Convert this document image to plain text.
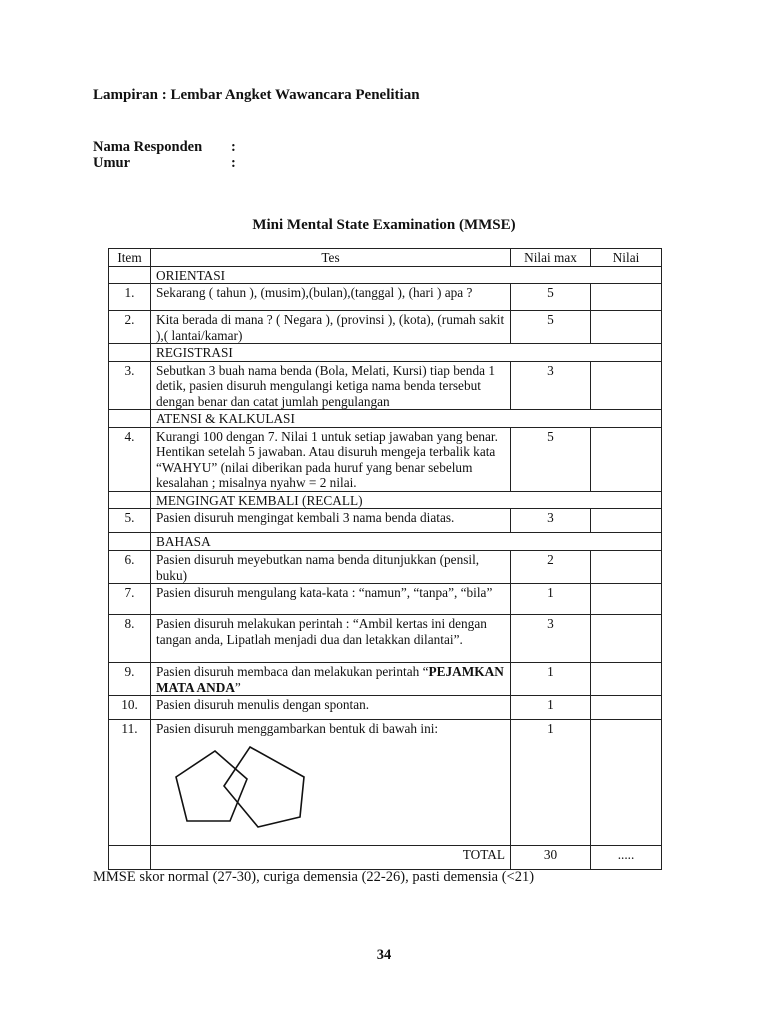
Lampiran : Lembar Angket Wawancara Penelitian
Nama Responden :
Umur	:
Mini Mental State Examination (MMSE)
Item	Tes	Nilai max	Nilai
	ORIENTASI		
1.	Sekarang ( tahun ), (musim),(bulan),(tanggal ), (hari ) apa ?	5	
2.	Kita berada di mana ? ( Negara ), (provinsi ), (kota), (rumah sakit ),( lantai/kamar)	5	
	REGISTRASI		
3.	Sebutkan 3 buah nama benda (Bola, Melati, Kursi) tiap benda 1 detik, pasien disuruh mengulangi ketiga nama benda tersebut dengan benar dan catat jumlah pengulangan	3	
	ATENSI & KALKULASI		
4.	Kurangi 100 dengan 7. Nilai 1 untuk setiap jawaban yang benar. Hentikan setelah 5 jawaban. Atau disuruh mengeja terbalik kata “WAHYU” (nilai diberikan pada huruf yang benar sebelum kesalahan ; misalnya nyahw = 2 nilai.	5	
	MENGINGAT KEMBALI (RECALL)		
5.	Pasien disuruh mengingat kembali 3 nama benda diatas.	3	
	BAHASA		
6.	Pasien disuruh meyebutkan nama benda ditunjukkan (pensil, buku)	2	
7.	Pasien disuruh mengulang kata-kata : “namun”, “tanpa”, “bila”	1	
8.	Pasien disuruh melakukan perintah : “Ambil kertas ini dengan tangan anda, Lipatlah menjadi dua dan letakkan dilantai”.	3	
9.	Pasien disuruh membaca dan melakukan perintah “PEJAMKAN MATA ANDA”	1	
10.	Pasien disuruh menulis dengan spontan.	1	
11.	Pasien disuruh menggambarkan bentuk di bawah ini:	1	
	TOTAL	30	.....
MMSE skor normal (27-30), curiga demensia (22-26), pasti demensia (<21)
34
